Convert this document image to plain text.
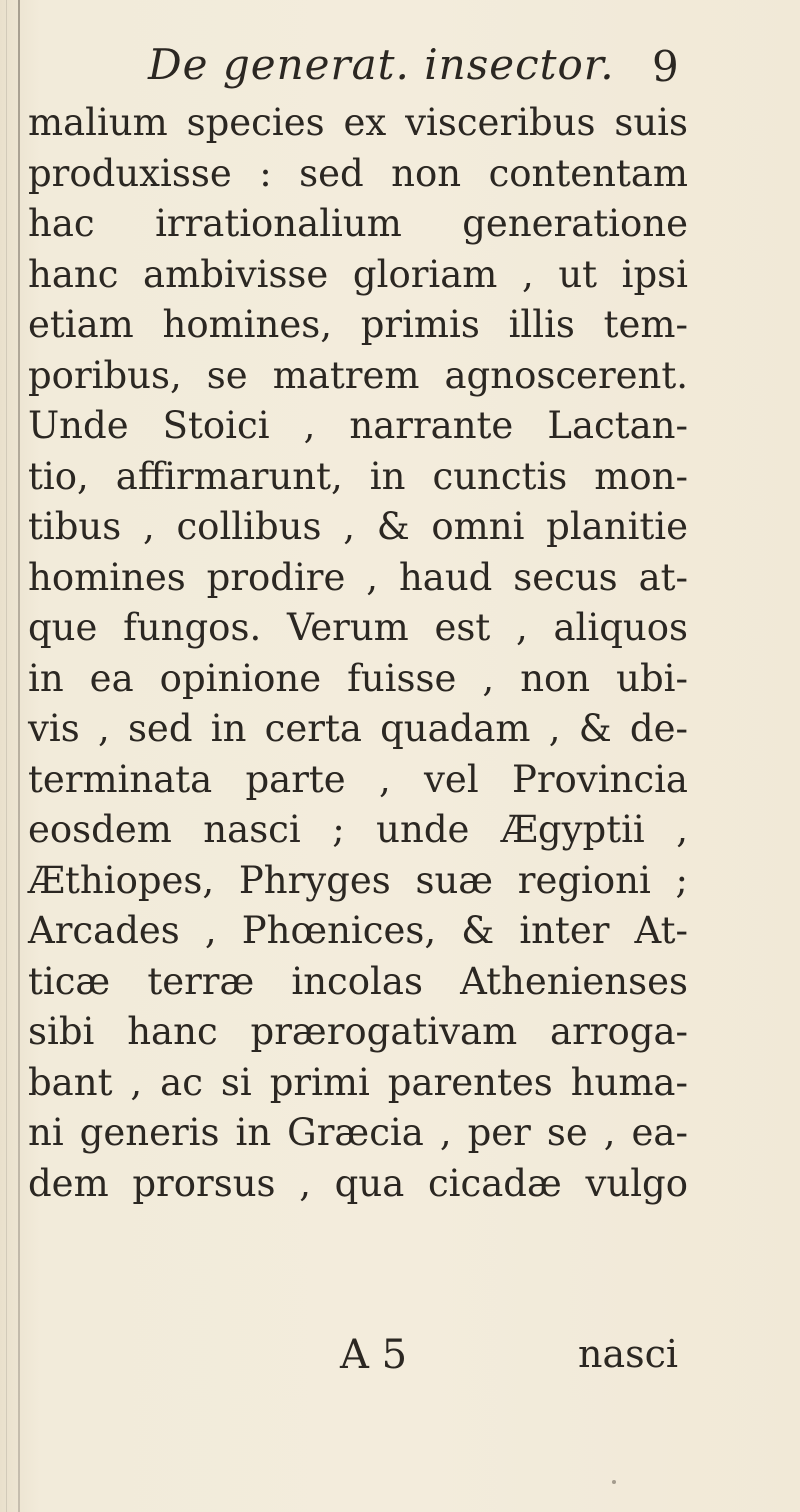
De generat. insector. 9
malium species ex visceribus suis
produxisse : sed non contentam
hac irrationalium generatione
hanc ambivisse gloriam , ut ipsi
etiam homines, primis illis tem-
poribus, se matrem agnoscerent.
Unde Stoici , narrante Lactan-
tio, affirmarunt, in cunctis mon-
tibus , collibus , & omni planitie
homines prodire , haud secus at-
que fungos. Verum est , aliquos
in ea opinione fuisse , non ubi-
vis , sed in certa quadam , & de-
terminata parte , vel Provincia
eosdem nasci ; unde Ægyptii ,
Æthiopes, Phryges suæ regioni ;
Arcades , Phœnices, & inter At-
ticæ terræ incolas Athenienses
sibi hanc prærogativam arroga-
bant , ac si primi parentes huma-
ni generis in Græcia , per se , ea-
dem prorsus , qua cicadæ vulgo
A 5	nasci
